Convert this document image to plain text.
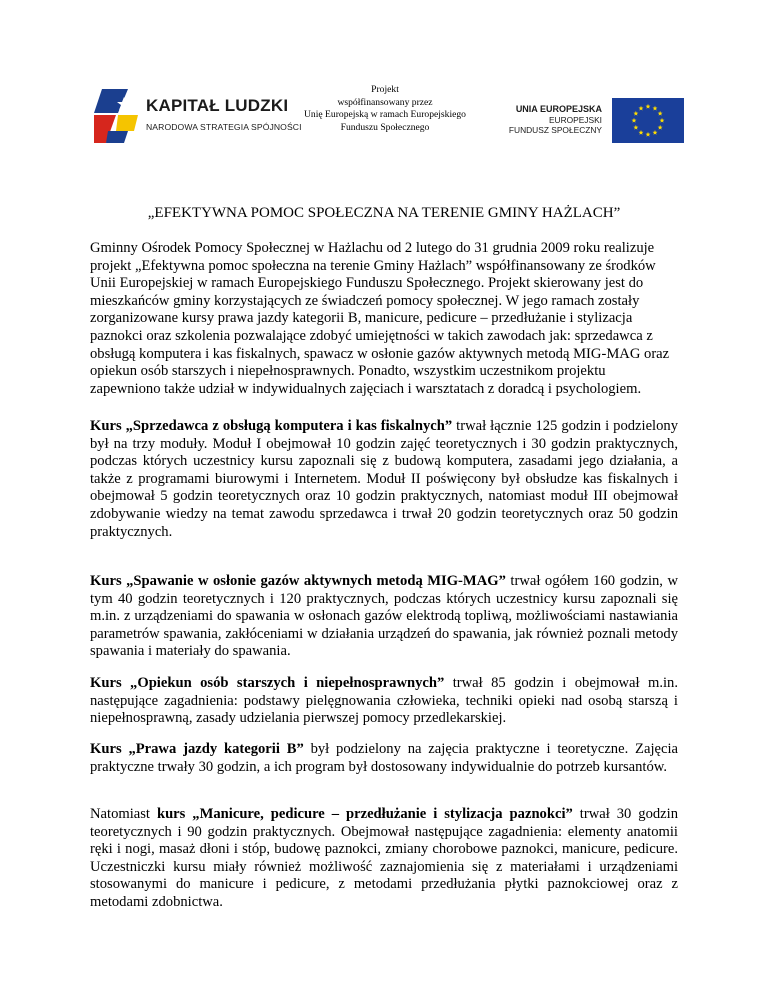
KAPITAŁ LUDZKI
NARODOWA STRATEGIA SPÓJNOŚCI
Projekt
współfinansowany przez
Unię Europejską w ramach Europejskiego
Funduszu Społecznego
UNIA EUROPEJSKA
EUROPEJSKI
FUNDUSZ SPOŁECZNY
„EFEKTYWNA POMOC SPOŁECZNA NA TERENIE GMINY HAŻLACH”

Gminny Ośrodek Pomocy Społecznej w Hażlachu od 2 lutego do 31 grudnia 2009 roku realizuje projekt „Efektywna pomoc społeczna na terenie Gminy Hażlach” współfinansowany ze środków Unii Europejskiej w ramach Europejskiego Funduszu Społecznego. Projekt skierowany jest do mieszkańców gminy korzystających ze świadczeń pomocy społecznej. W jego ramach zostały zorganizowane kursy prawa jazdy kategorii B, manicure, pedicure – przedłużanie i stylizacja paznokci oraz szkolenia pozwalające zdobyć umiejętności w takich zawodach jak: sprzedawca z obsługą komputera i kas fiskalnych, spawacz w osłonie gazów aktywnych metodą MIG-MAG oraz opiekun osób starszych i niepełnosprawnych. Ponadto, wszystkim uczestnikom projektu zapewniono także udział w indywidualnych zajęciach i warsztatach z doradcą i psychologiem.

Kurs „Sprzedawca z obsługą komputera i kas fiskalnych” trwał łącznie 125 godzin i podzielony był na trzy moduły. Moduł I obejmował 10 godzin zajęć teoretycznych i 30 godzin praktycznych, podczas których uczestnicy kursu zapoznali się z budową komputera, zasadami jego działania, a także z programami biurowymi i Internetem. Moduł II poświęcony był obsłudze kas fiskalnych i obejmował 5 godzin teoretycznych oraz 10 godzin praktycznych, natomiast moduł III obejmował zdobywanie wiedzy na temat zawodu sprzedawca i trwał 20 godzin teoretycznych oraz 50 godzin praktycznych.

Kurs „Spawanie w osłonie gazów aktywnych metodą MIG-MAG” trwał ogółem 160 godzin, w tym 40 godzin teoretycznych i 120 praktycznych, podczas których uczestnicy kursu zapoznali się m.in. z urządzeniami do spawania w osłonach gazów elektrodą topliwą, możliwościami nastawiania parametrów spawania, zakłóceniami w działania urządzeń do spawania, jak również poznali metody spawania i materiały do spawania.

Kurs „Opiekun osób starszych i niepełnosprawnych” trwał 85 godzin i obejmował m.in. następujące zagadnienia: podstawy pielęgnowania człowieka, techniki opieki nad osobą starszą i niepełnosprawną, zasady udzielania pierwszej pomocy przedlekarskiej.

Kurs „Prawa jazdy kategorii B” był podzielony na zajęcia praktyczne i teoretyczne. Zajęcia praktyczne trwały 30 godzin, a ich program był dostosowany indywidualnie do potrzeb kursantów.

Natomiast kurs „Manicure, pedicure – przedłużanie i stylizacja paznokci” trwał 30 godzin teoretycznych i 90 godzin praktycznych. Obejmował następujące zagadnienia: elementy anatomii ręki i nogi, masaż dłoni i stóp, budowę paznokci, zmiany chorobowe paznokci, manicure, pedicure. Uczestniczki kursu miały również możliwość zaznajomienia się z materiałami i urządzeniami stosowanymi do manicure i pedicure, z metodami przedłużania płytki paznokciowej oraz z metodami zdobnictwa.
